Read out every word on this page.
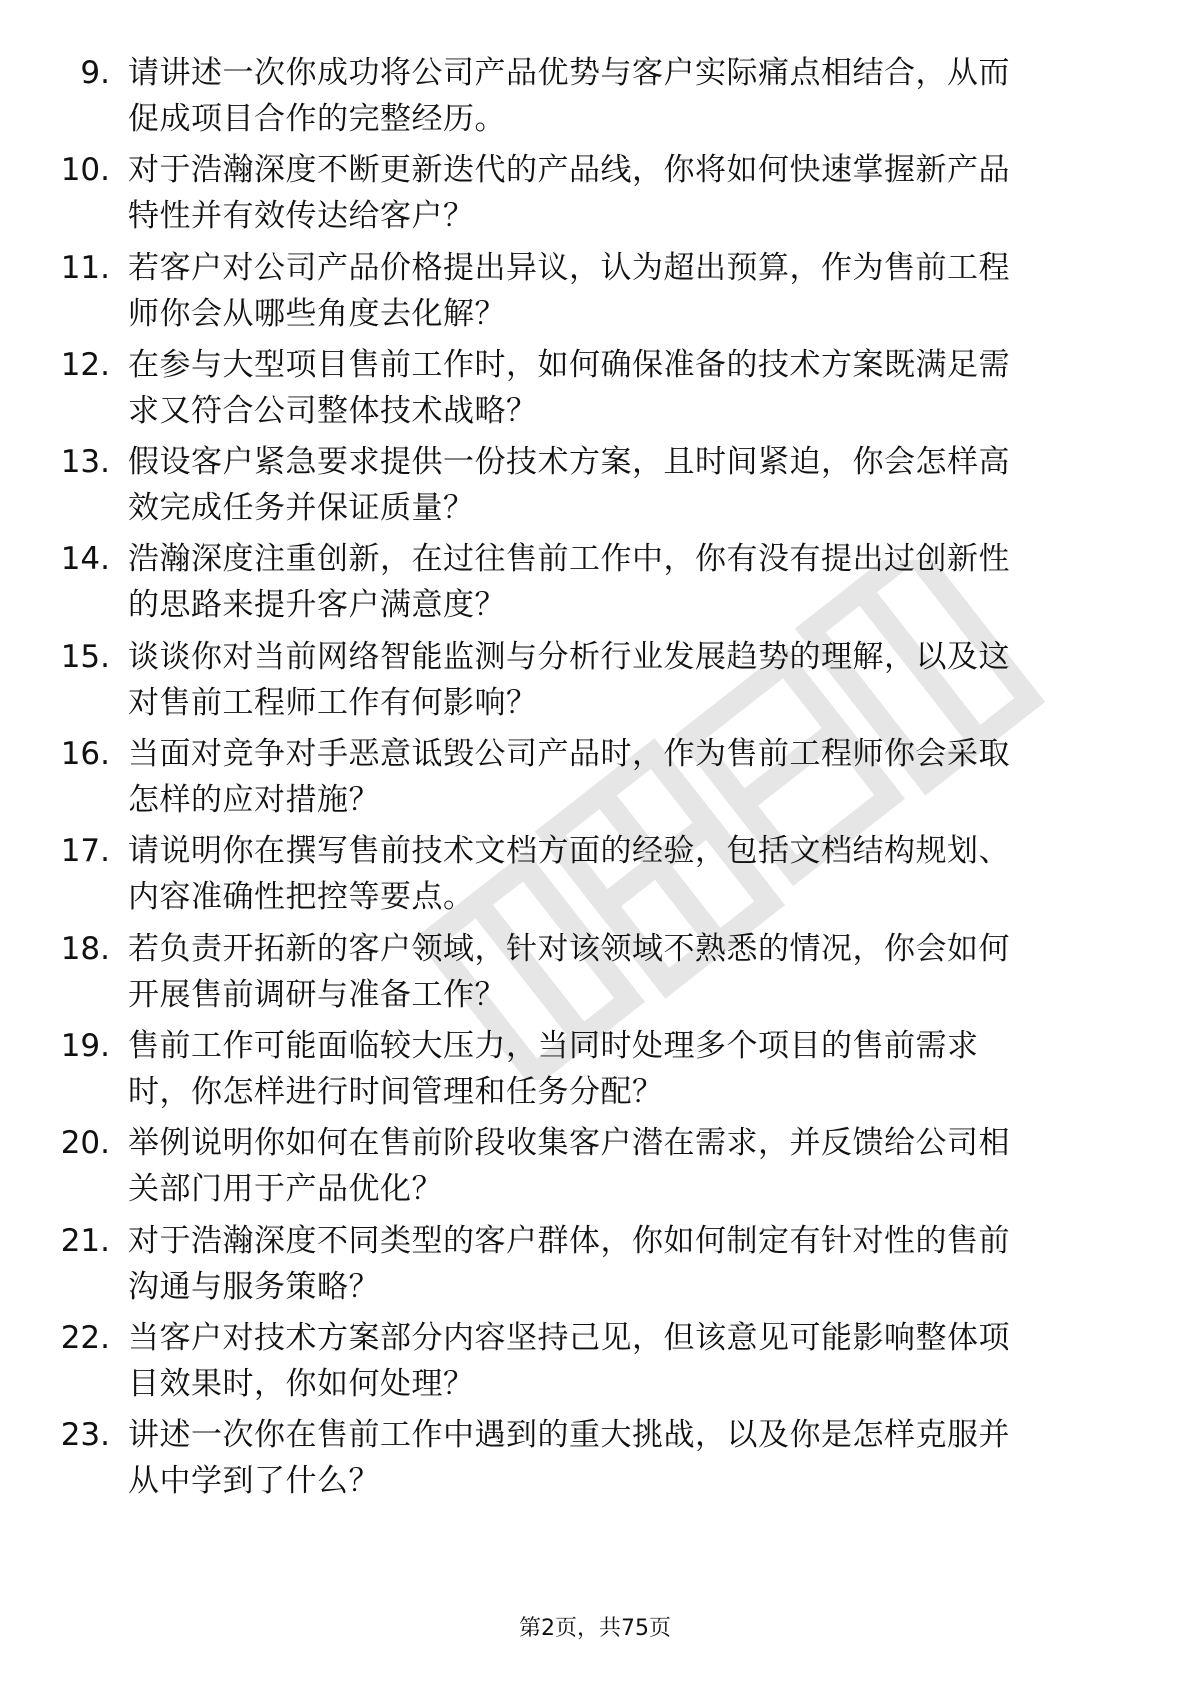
9. 请讲述一次你成功将公司产品优势与客户实际痛点相结合，从而
促成项目合作的完整经历。
10. 对于浩瀚深度不断更新迭代的产品线，你将如何快速掌握新产品
特性并有效传达给客户？
11. 若客户对公司产品价格提出异议，认为超出预算，作为售前工程
师你会从哪些角度去化解？
12. 在参与大型项目售前工作时，如何确保准备的技术方案既满足需
求又符合公司整体技术战略？
13. 假设客户紧急要求提供一份技术方案，且时间紧迫，你会怎样高
效完成任务并保证质量？
14. 浩瀚深度注重创新，在过往售前工作中，你有没有提出过创新性
的思路来提升客户满意度？
15. 谈谈你对当前网络智能监测与分析行业发展趋势的理解，以及这
对售前工程师工作有何影响？
16. 当面对竞争对手恶意诋毁公司产品时，作为售前工程师你会采取
怎样的应对措施？
17. 请说明你在撰写售前技术文档方面的经验，包括文档结构规划、
内容准确性把控等要点。
18. 若负责开拓新的客户领域，针对该领域不熟悉的情况，你会如何
开展售前调研与准备工作？
19. 售前工作可能面临较大压力，当同时处理多个项目的售前需求
时，你怎样进行时间管理和任务分配？
20. 举例说明你如何在售前阶段收集客户潜在需求，并反馈给公司相
关部门用于产品优化？
21. 对于浩瀚深度不同类型的客户群体，你如何制定有针对性的售前
沟通与服务策略？
22. 当客户对技术方案部分内容坚持己见，但该意见可能影响整体项
目效果时，你如何处理？
23. 讲述一次你在售前工作中遇到的重大挑战，以及你是怎样克服并
从中学到了什么？
第2页，共75页
